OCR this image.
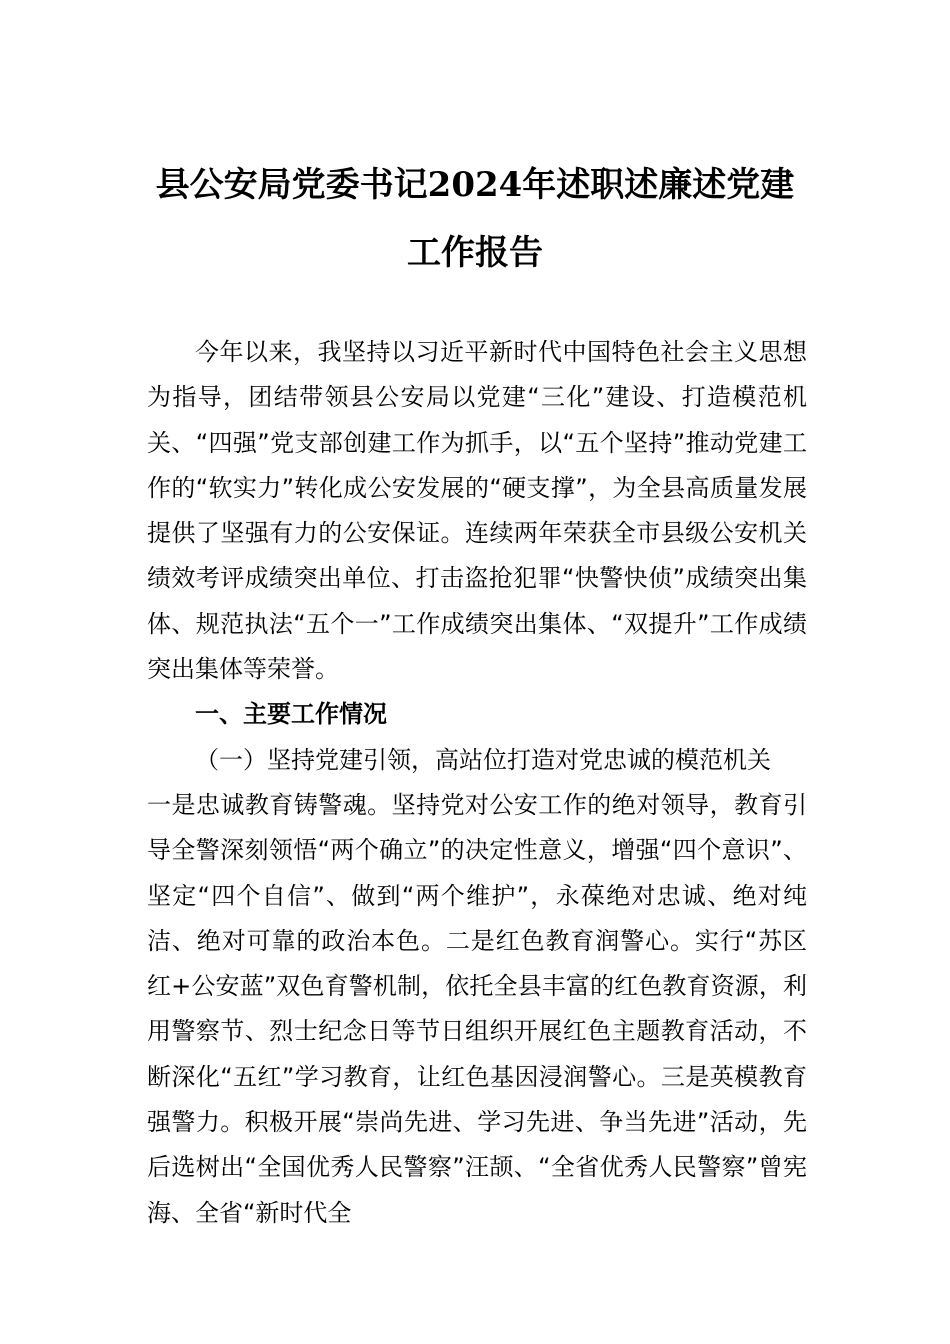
县公安局党委书记2024年述职述廉述党建
工作报告

今年以来，我坚持以习近平新时代中国特色社会主义思想为指导，团结带领县公安局以党建“三化”建设、打造模范机关、“四强”党支部创建工作为抓手，以“五个坚持”推动党建工作的“软实力”转化成公安发展的“硬支撑”，为全县高质量发展提供了坚强有力的公安保证。连续两年荣获全市县级公安机关绩效考评成绩突出单位、打击盗抢犯罪“快警快侦”成绩突出集体、规范执法“五个一”工作成绩突出集体、“双提升”工作成绩突出集体等荣誉。

一、主要工作情况

（一）坚持党建引领，高站位打造对党忠诚的模范机关

一是忠诚教育铸警魂。坚持党对公安工作的绝对领导，教育引导全警深刻领悟“两个确立”的决定性意义，增强“四个意识”、坚定“四个自信”、做到“两个维护”，永葆绝对忠诚、绝对纯洁、绝对可靠的政治本色。二是红色教育润警心。实行“苏区红+公安蓝”双色育警机制，依托全县丰富的红色教育资源，利用警察节、烈士纪念日等节日组织开展红色主题教育活动，不断深化“五红”学习教育，让红色基因浸润警心。三是英模教育强警力。积极开展“崇尚先进、学习先进、争当先进”活动，先后选树出“全国优秀人民警察”汪颉、“全省优秀人民警察”曾宪海、全省“新时代全
